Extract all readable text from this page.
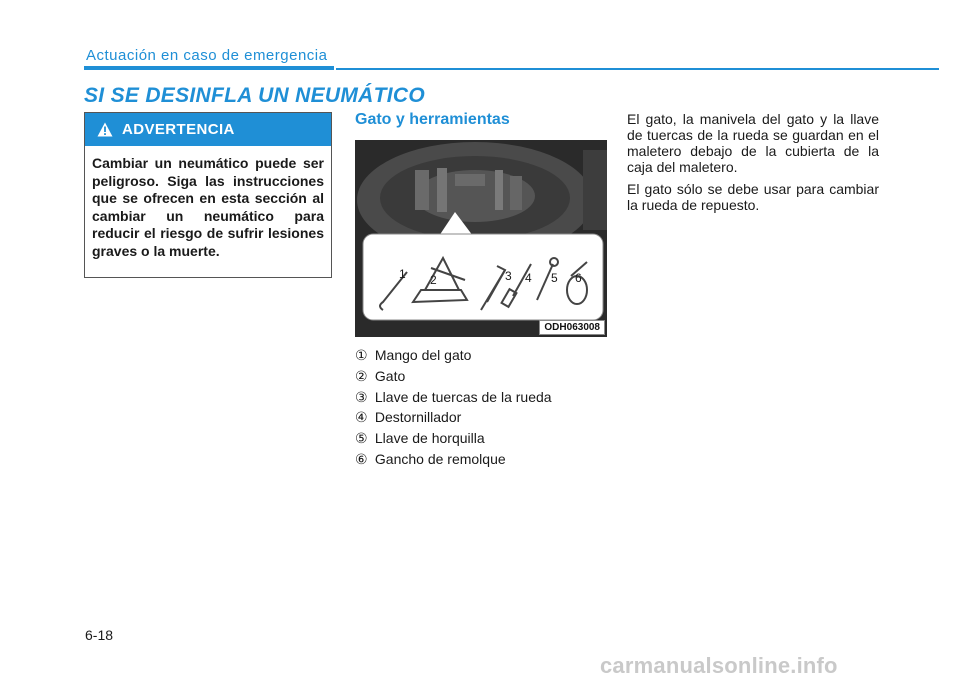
Actuación en caso de emergencia
SI SE DESINFLA UN NEUMÁTICO
ADVERTENCIA
Cambiar un neumático puede ser peligroso. Siga las instrucciones que se ofrecen en esta sección al cambiar un neumático para reducir el riesgo de sufrir lesiones graves o la muerte.
Gato y herramientas
1 2	3 4 5 6
ODH063008
① Mango del gato
② Gato
③ Llave de tuercas de la rueda
④ Destornillador
⑤ Llave de horquilla
⑥ Gancho de remolque

El gato, la manivela del gato y la llave de tuercas de la rueda se guardan en el maletero debajo de la cubierta de la caja del maletero.

El gato sólo se debe usar para cambiar la rueda de repuesto.

6-18
carmanualsonline.info
